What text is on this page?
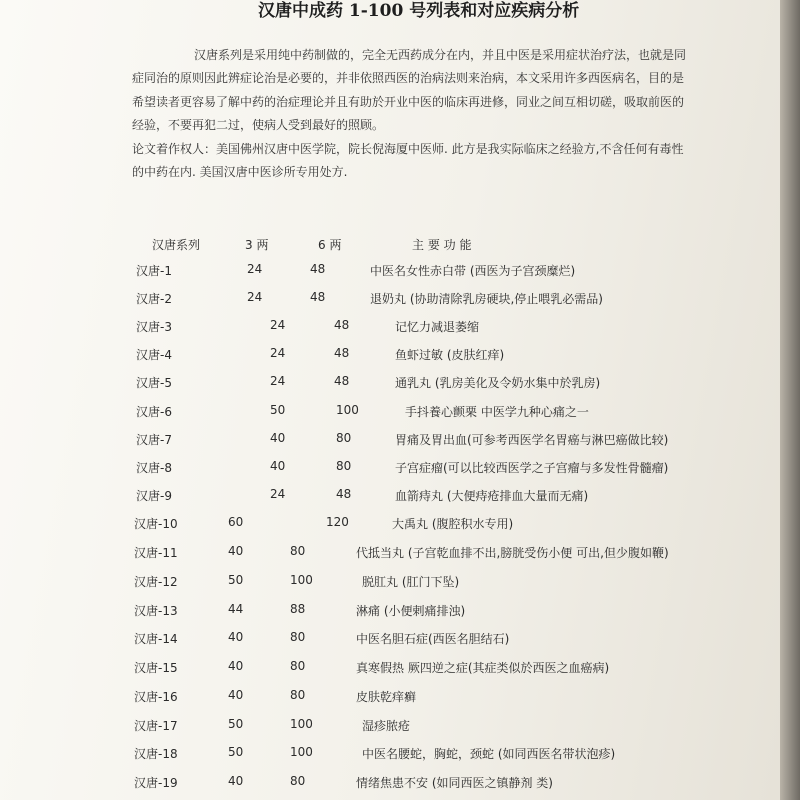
汉唐中成药 1-100 号列表和对应疾病分析

汉唐系列是采用纯中药制做的，完全无西药成分在内，并且中医是采用症状治疗法，也就是同症同治的原则因此辨症论治是必要的，并非依照西医的治病法则来治病，本文采用许多西医病名，目的是希望读者更容易了解中药的治症理论并且有助於开业中医的临床再进修，同业之间互相切磋，吸取前医的经验，不要再犯二过，使病人受到最好的照顾。

论文着作权人：美国佛州汉唐中医学院，院长倪海厦中医师. 此方是我实际临床之经验方,不含任何有毒性的中药在内. 美国汉唐中医诊所专用处方.

汉唐系列	3 两	6 两	主 要 功 能
汉唐-1	24	48	中医名女性赤白带 (西医为子宫颈糜烂)
汉唐-2	24	48	退奶丸 (协助清除乳房硬块,停止喂乳必需品)
汉唐-3	24	48	记忆力减退萎缩
汉唐-4	24	48	鱼虾过敏 (皮肤红痒)
汉唐-5	24	48	通乳丸 (乳房美化及令奶水集中於乳房)
汉唐-6	50	100	手抖養心颤栗 中医学九种心痛之一
汉唐-7	40	80	胃痛及胃出血(可参考西医学名胃癌与淋巴癌做比较)
汉唐-8	40	80	子宫症瘤(可以比较西医学之子宫瘤与多发性骨髓瘤)
汉唐-9	24	48	血箭痔丸 (大便痔疮排血大量而无痛)
汉唐-10	60	120	大禹丸 (腹腔积水专用)
汉唐-11	40	80	代抵当丸 (子宫乾血排不出,膀胱受伤小便 可出,但少腹如鞭)
汉唐-12	50	100	脱肛丸 (肛门下坠)
汉唐-13	44	88	淋痛 (小便剌痛排浊)
汉唐-14	40	80	中医名胆石症(西医名胆结石)
汉唐-15	40	80	真寒假热 厥四逆之症(其症类似於西医之血癌病)
汉唐-16	40	80	皮肤乾痒癣
汉唐-17	50	100	湿疹脓疮
汉唐-18	50	100	中医名腰蛇，胸蛇，颈蛇 (如同西医名带状泡疹)
汉唐-19	40	80	情绪焦患不安 (如同西医之镇静剂 类)
